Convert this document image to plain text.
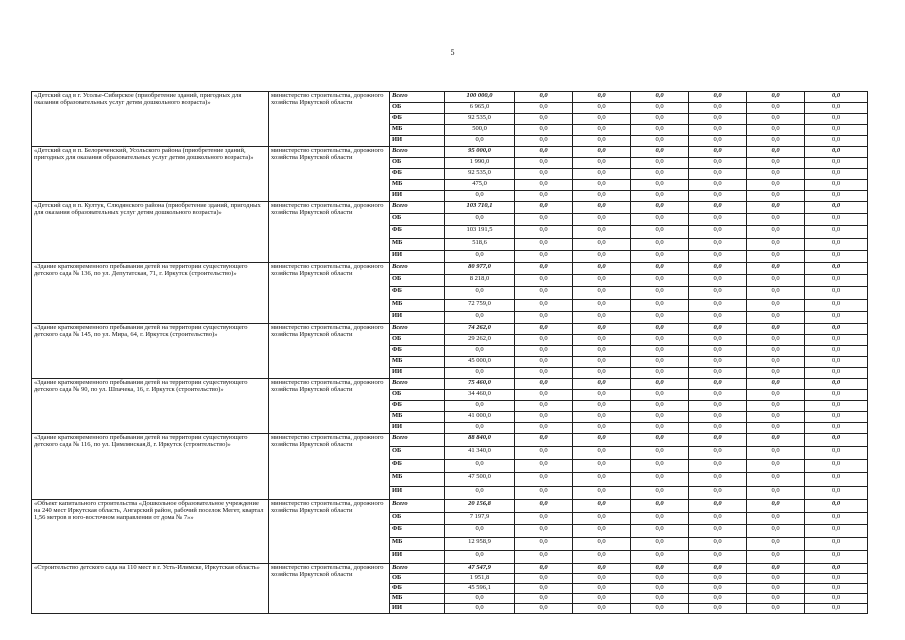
5
«Детский сад в г. Усолье-Сибирское (приобретение зданий, пригодных для оказания образовательных услуг детям дошкольного возраста)»	министерство строительства, дорожного хозяйства Иркутской области	Всего	100 000,0	0,0	0,0	0,0	0,0	0,0	0,0
		ОБ	6 965,0	0,0	0,0	0,0	0,0	0,0	0,0
		ФБ	92 535,0	0,0	0,0	0,0	0,0	0,0	0,0
		МБ	500,0	0,0	0,0	0,0	0,0	0,0	0,0
		ИИ	0,0	0,0	0,0	0,0	0,0	0,0	0,0
«Детский сад в п. Белореченский, Усольского района (приобретение зданий, пригодных для оказания образовательных услуг детям дошкольного возраста)»	министерство строительства, дорожного хозяйства Иркутской области	Всего	95 000,0	0,0	0,0	0,0	0,0	0,0	0,0
		ОБ	1 990,0	0,0	0,0	0,0	0,0	0,0	0,0
		ФБ	92 535,0	0,0	0,0	0,0	0,0	0,0	0,0
		МБ	475,0	0,0	0,0	0,0	0,0	0,0	0,0
		ИИ	0,0	0,0	0,0	0,0	0,0	0,0	0,0
«Детский сад в п. Култук, Слюдянского района (приобретение зданий, пригодных для оказания образовательных услуг детям дошкольного возраста)»	министерство строительства, дорожного хозяйства Иркутской области	Всего	103 710,1	0,0	0,0	0,0	0,0	0,0	0,0
		ОБ	0,0	0,0	0,0	0,0	0,0	0,0	0,0
		ФБ	103 191,5	0,0	0,0	0,0	0,0	0,0	0,0
		МБ	518,6	0,0	0,0	0,0	0,0	0,0	0,0
		ИИ	0,0	0,0	0,0	0,0	0,0	0,0	0,0
«Здание кратковременного пребывания детей на территории существующего детского сада № 136, по ул. Депутатская, 71, г. Иркутск (строительство)»	министерство строительства, дорожного хозяйства Иркутской области	Всего	80 977,0	0,0	0,0	0,0	0,0	0,0	0,0
		ОБ	8 218,0	0,0	0,0	0,0	0,0	0,0	0,0
		ФБ	0,0	0,0	0,0	0,0	0,0	0,0	0,0
		МБ	72 759,0	0,0	0,0	0,0	0,0	0,0	0,0
		ИИ	0,0	0,0	0,0	0,0	0,0	0,0	0,0
«Здание кратковременного пребывания детей на территории существующего детского сада № 145, по ул. Мира, 64, г. Иркутск (строительство)»	министерство строительства, дорожного хозяйства Иркутской области	Всего	74 262,0	0,0	0,0	0,0	0,0	0,0	0,0
		ОБ	29 262,0	0,0	0,0	0,0	0,0	0,0	0,0
		ФБ	0,0	0,0	0,0	0,0	0,0	0,0	0,0
		МБ	45 000,0	0,0	0,0	0,0	0,0	0,0	0,0
		ИИ	0,0	0,0	0,0	0,0	0,0	0,0	0,0
«Здание кратковременного пребывания детей на территории существующего детского сада № 90, по ул. Шпачека, 16, г. Иркутск (строительство)»	министерство строительства, дорожного хозяйства Иркутской области	Всего	75 460,0	0,0	0,0	0,0	0,0	0,0	0,0
		ОБ	34 460,0	0,0	0,0	0,0	0,0	0,0	0,0
		ФБ	0,0	0,0	0,0	0,0	0,0	0,0	0,0
		МБ	41 000,0	0,0	0,0	0,0	0,0	0,0	0,0
		ИИ	0,0	0,0	0,0	0,0	0,0	0,0	0,0
«Здание кратковременного пребывания детей на территории существующего детского сада № 116, по ул. Цимлянская,8, г. Иркутск (строительство)»	министерство строительства, дорожного хозяйства Иркутской области	Всего	88 840,0	0,0	0,0	0,0	0,0	0,0	0,0
		ОБ	41 340,0	0,0	0,0	0,0	0,0	0,0	0,0
		ФБ	0,0	0,0	0,0	0,0	0,0	0,0	0,0
		МБ	47 500,0	0,0	0,0	0,0	0,0	0,0	0,0
		ИИ	0,0	0,0	0,0	0,0	0,0	0,0	0,0
«Объект капитального строительства «Дошкольное образовательное учреждение на 240 мест Иркутская область, Ангарский район, рабочий поселок Мегет, квартал 1,56 метров в юго-восточном направлении от дома № 7»»	министерство строительства, дорожного хозяйства Иркутской области	Всего	20 156,8	0,0	0,0	0,0	0,0	0,0	0,0
		ОБ	7 197,9	0,0	0,0	0,0	0,0	0,0	0,0
		ФБ	0,0	0,0	0,0	0,0	0,0	0,0	0,0
		МБ	12 958,9	0,0	0,0	0,0	0,0	0,0	0,0
		ИИ	0,0	0,0	0,0	0,0	0,0	0,0	0,0
«Строительство детского сада на 110 мест в г. Усть-Илимске, Иркутская область»	министерство строительства, дорожного хозяйства Иркутской области	Всего	47 547,9	0,0	0,0	0,0	0,0	0,0	0,0
		ОБ	1 951,8	0,0	0,0	0,0	0,0	0,0	0,0
		ФБ	45 596,1	0,0	0,0	0,0	0,0	0,0	0,0
		МБ	0,0	0,0	0,0	0,0	0,0	0,0	0,0
		ИИ	0,0	0,0	0,0	0,0	0,0	0,0	0,0
